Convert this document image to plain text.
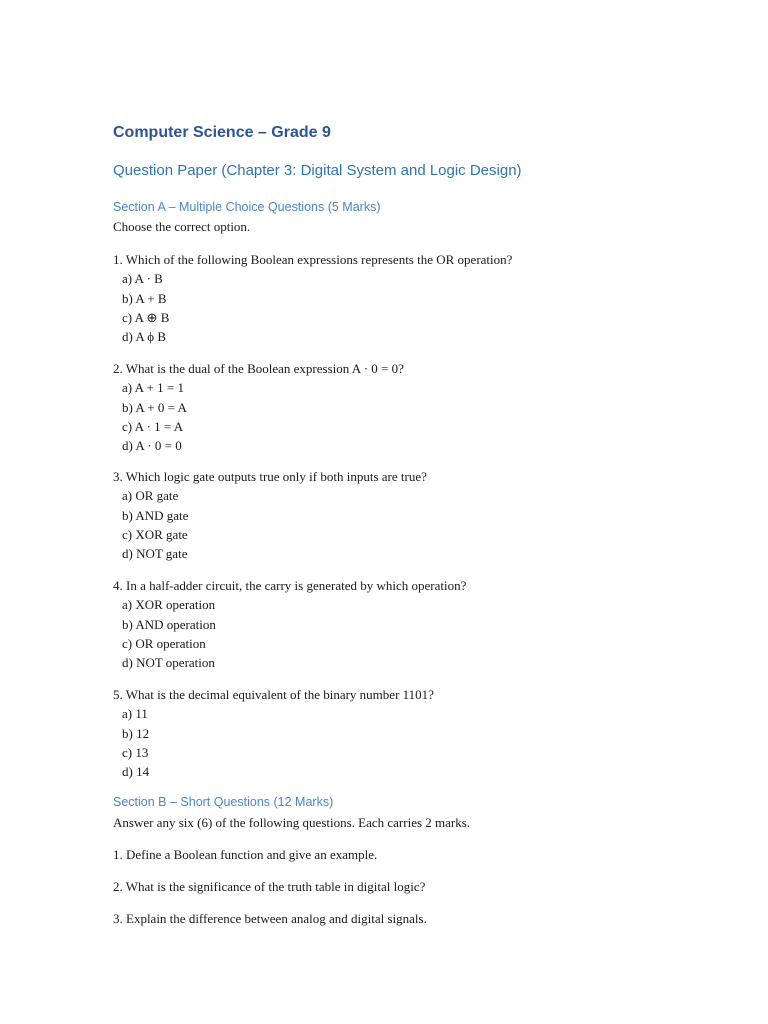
Computer Science – Grade 9
Question Paper (Chapter 3: Digital System and Logic Design)
Section A – Multiple Choice Questions (5 Marks)
Choose the correct option.
1. Which of the following Boolean expressions represents the OR operation?
a) A · B
b) A + B
c) A ⊕ B
d) A ϕ B
2. What is the dual of the Boolean expression A · 0 = 0?
a) A + 1 = 1
b) A + 0 = A
c) A · 1 = A
d) A · 0 = 0
3. Which logic gate outputs true only if both inputs are true?
a) OR gate
b) AND gate
c) XOR gate
d) NOT gate
4. In a half-adder circuit, the carry is generated by which operation?
a) XOR operation
b) AND operation
c) OR operation
d) NOT operation
5. What is the decimal equivalent of the binary number 1101?
a) 11
b) 12
c) 13
d) 14
Section B – Short Questions (12 Marks)
Answer any six (6) of the following questions. Each carries 2 marks.
1. Define a Boolean function and give an example.
2. What is the significance of the truth table in digital logic?
3. Explain the difference between analog and digital signals.
